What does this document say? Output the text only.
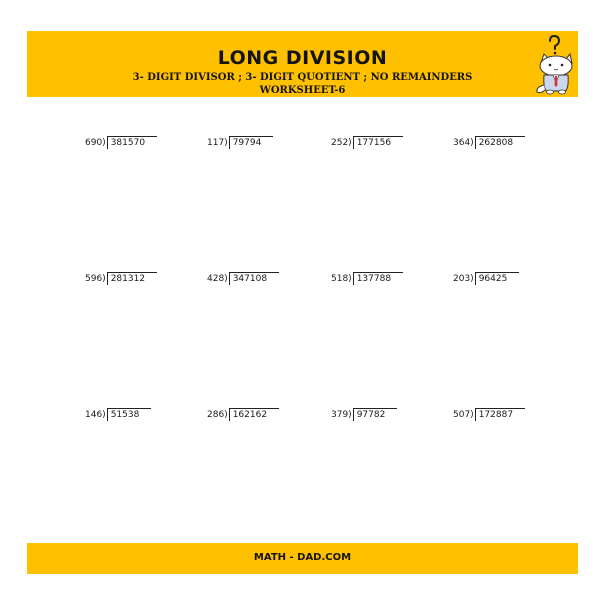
LONG DIVISION
3- DIGIT DIVISOR ; 3- DIGIT QUOTIENT ; NO REMAINDERS
WORKSHEET-6
690) 381570	117) 79794	252) 177156	364) 262808
596) 281312	428) 347108	518) 137788	203) 96425
146) 51538	286) 162162	379) 97782	507) 172887
MATH - DAD.COM
